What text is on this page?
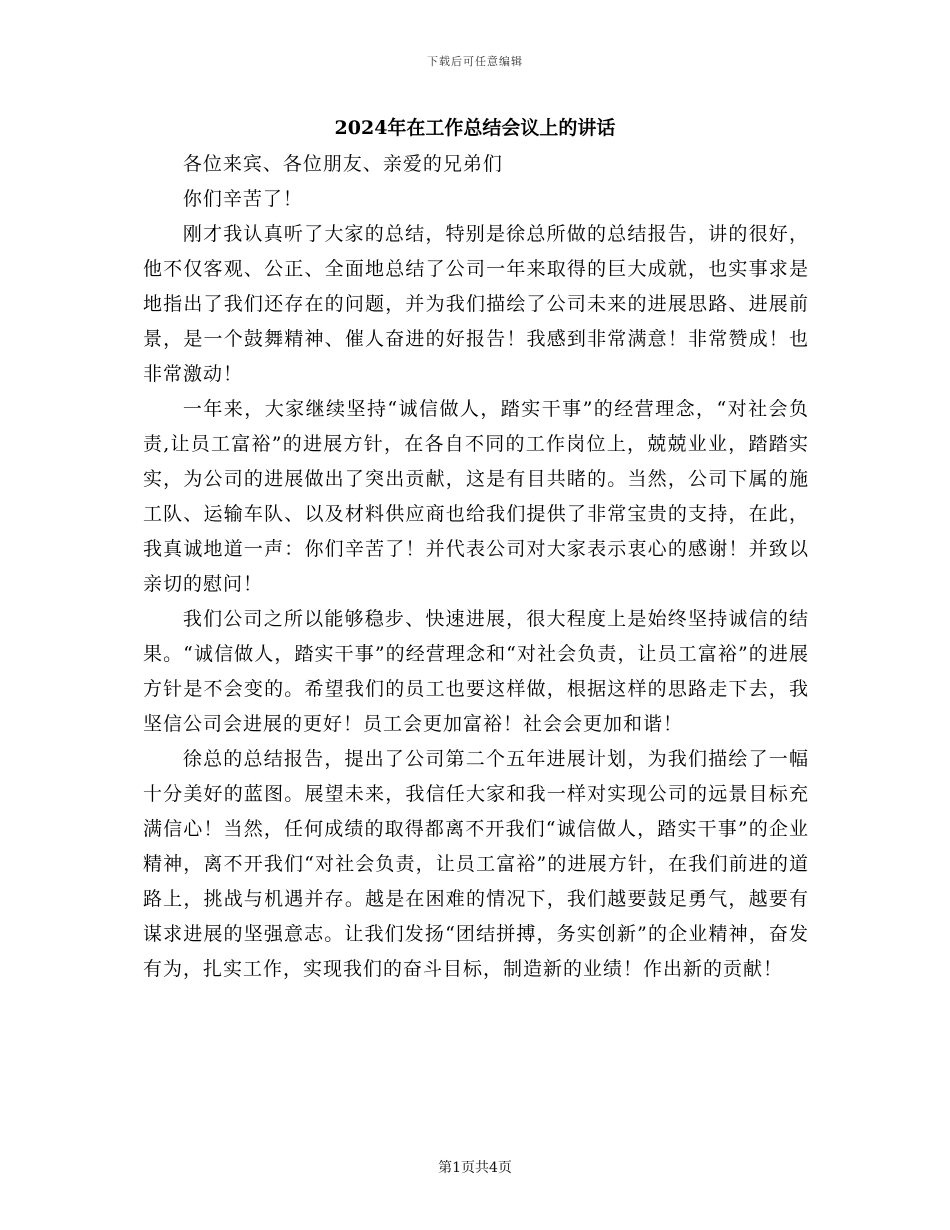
下载后可任意编辑
2024年在工作总结会议上的讲话

各位来宾、各位朋友、亲爱的兄弟们

你们辛苦了！

刚才我认真听了大家的总结，特别是徐总所做的总结报告，讲的很好，他不仅客观、公正、全面地总结了公司一年来取得的巨大成就，也实事求是地指出了我们还存在的问题，并为我们描绘了公司未来的进展思路、进展前景，是一个鼓舞精神、催人奋进的好报告！我感到非常满意！非常赞成！也非常激动！

一年来，大家继续坚持“诚信做人，踏实干事”的经营理念，“对社会负责,让员工富裕”的进展方针，在各自不同的工作岗位上，兢兢业业，踏踏实实，为公司的进展做出了突出贡献，这是有目共睹的。当然，公司下属的施工队、运输车队、以及材料供应商也给我们提供了非常宝贵的支持，在此，我真诚地道一声：你们辛苦了！并代表公司对大家表示衷心的感谢！并致以亲切的慰问！

我们公司之所以能够稳步、快速进展，很大程度上是始终坚持诚信的结果。“诚信做人，踏实干事”的经营理念和“对社会负责，让员工富裕”的进展方针是不会变的。希望我们的员工也要这样做，根据这样的思路走下去，我坚信公司会进展的更好！员工会更加富裕！社会会更加和谐！

徐总的总结报告，提出了公司第二个五年进展计划，为我们描绘了一幅十分美好的蓝图。展望未来，我信任大家和我一样对实现公司的远景目标充满信心！当然，任何成绩的取得都离不开我们“诚信做人，踏实干事”的企业精神，离不开我们“对社会负责，让员工富裕”的进展方针，在我们前进的道路上，挑战与机遇并存。越是在困难的情况下，我们越要鼓足勇气，越要有谋求进展的坚强意志。让我们发扬“团结拼搏，务实创新”的企业精神，奋发有为，扎实工作，实现我们的奋斗目标，制造新的业绩！作出新的贡献！

第1页共4页
